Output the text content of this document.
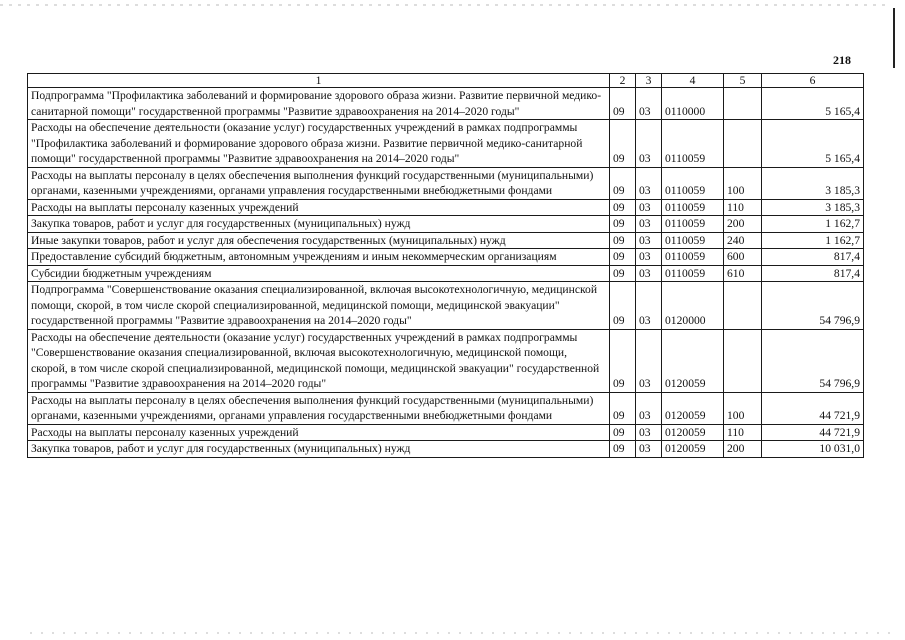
218
1	2	3	4	5	6
Подпрограмма "Профилактика заболеваний и формирование здорового образа жизни. Развитие первичной медико-санитарной помощи" государственной программы "Развитие здравоохранения на 2014–2020 годы"	09	03	0110000		5 165,4
Расходы на обеспечение деятельности (оказание услуг) государственных учреждений в рамках подпрограммы "Профилактика заболеваний и формирование здорового образа жизни. Развитие первичной медико-санитарной помощи" государственной программы "Развитие здравоохранения на 2014–2020 годы"	09	03	0110059		5 165,4
Расходы на выплаты персоналу в целях обеспечения выполнения функций государственными (муниципальными) органами, казенными учреждениями, органами управления государственными внебюджетными фондами	09	03	0110059	100	3 185,3
Расходы на выплаты персоналу казенных учреждений	09	03	0110059	110	3 185,3
Закупка товаров, работ и услуг для государственных (муниципальных) нужд	09	03	0110059	200	1 162,7
Иные закупки товаров, работ и услуг для обеспечения государственных (муниципальных) нужд	09	03	0110059	240	1 162,7
Предоставление субсидий бюджетным, автономным учреждениям и иным некоммерческим организациям	09	03	0110059	600	817,4
Субсидии бюджетным учреждениям	09	03	0110059	610	817,4
Подпрограмма "Совершенствование оказания специализированной, включая высокотехнологичную, медицинской помощи, скорой, в том числе скорой специализированной, медицинской помощи, медицинской эвакуации" государственной программы "Развитие здравоохранения на 2014–2020 годы"	09	03	0120000		54 796,9
Расходы на обеспечение деятельности (оказание услуг) государственных учреждений в рамках подпрограммы "Совершенствование оказания специализированной, включая высокотехнологичную, медицинской помощи, скорой, в том числе скорой специализированной, медицинской помощи, медицинской эвакуации" государственной программы "Развитие здравоохранения на 2014–2020 годы"	09	03	0120059		54 796,9
Расходы на выплаты персоналу в целях обеспечения выполнения функций государственными (муниципальными) органами, казенными учреждениями, органами управления государственными внебюджетными фондами	09	03	0120059	100	44 721,9
Расходы на выплаты персоналу казенных учреждений	09	03	0120059	110	44 721,9
Закупка товаров, работ и услуг для государственных (муниципальных) нужд	09	03	0120059	200	10 031,0
